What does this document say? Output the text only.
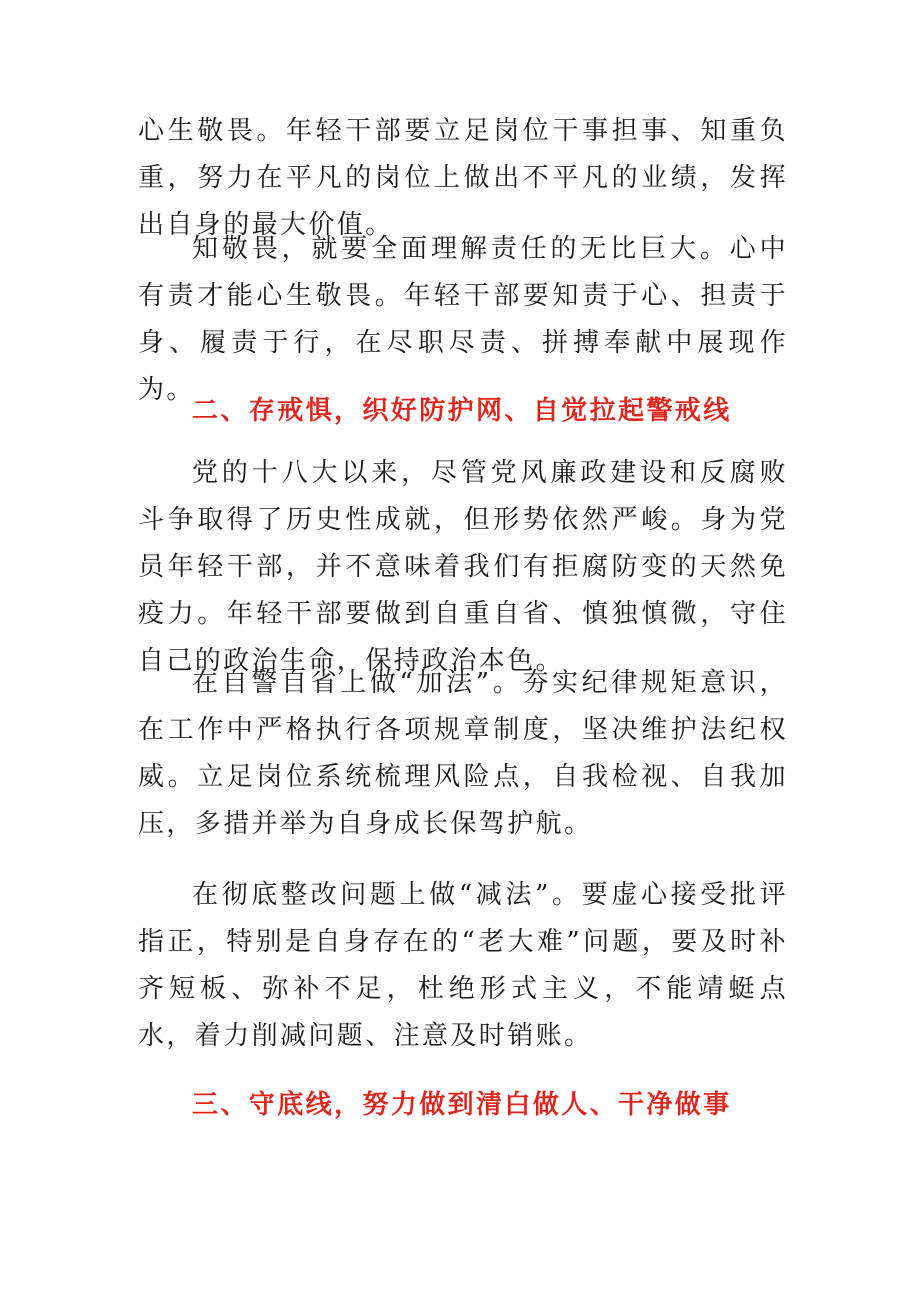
心生敬畏。年轻干部要立足岗位干事担事、知重负重，努力在平凡的岗位上做出不平凡的业绩，发挥出自身的最大价值。

知敬畏，就要全面理解责任的无比巨大。心中有责才能心生敬畏。年轻干部要知责于心、担责于身、履责于行，在尽职尽责、拼搏奉献中展现作为。

二、存戒惧，织好防护网、自觉拉起警戒线

党的十八大以来，尽管党风廉政建设和反腐败斗争取得了历史性成就，但形势依然严峻。身为党员年轻干部，并不意味着我们有拒腐防变的天然免疫力。年轻干部要做到自重自省、慎独慎微，守住自己的政治生命，保持政治本色。

在自警自省上做“加法”。夯实纪律规矩意识，在工作中严格执行各项规章制度，坚决维护法纪权威。立足岗位系统梳理风险点，自我检视、自我加压，多措并举为自身成长保驾护航。

在彻底整改问题上做“减法”。要虚心接受批评指正，特别是自身存在的“老大难”问题，要及时补齐短板、弥补不足，杜绝形式主义，不能靖蜓点水，着力削减问题、注意及时销账。

三、守底线，努力做到清白做人、干净做事
